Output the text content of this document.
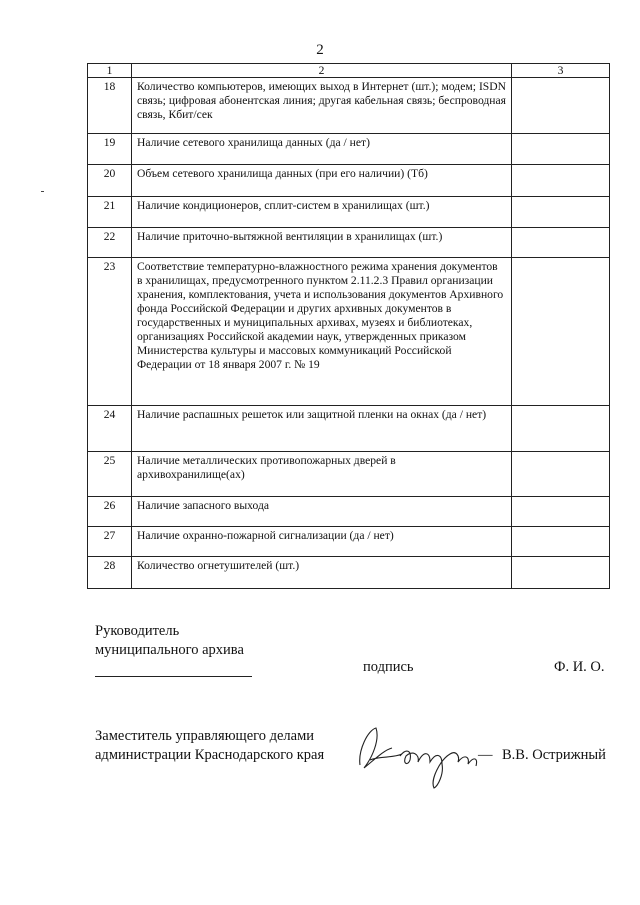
2
1	2	3
18	Количество компьютеров, имеющих выход в Интернет (шт.); модем; ISDN связь; цифровая абонентская линия; другая кабельная связь; беспроводная связь, Кбит/сек	
19	Наличие сетевого хранилища данных (да / нет)	
20	Объем сетевого хранилища данных (при его наличии) (Тб)	
21	Наличие кондиционеров, сплит-систем в хранилищах (шт.)	
22	Наличие приточно-вытяжной вентиляции в хранилищах (шт.)	
23	Соответствие температурно-влажностного режима хранения документов в хранилищах, предусмотренного пунктом 2.11.2.3 Правил организации хранения, комплектования, учета и использования документов Архивного фонда Российской Федерации и других архивных документов в государственных и муниципальных архивах, музеях и библиотеках, организациях Российской академии наук, утвержденных приказом Министерства культуры и массовых коммуникаций Российской Федерации от 18 января 2007 г. № 19	
24	Наличие распашных решеток или защитной пленки на окнах (да / нет)	
25	Наличие металлических противопожарных дверей в архивохранилище(ах)	
26	Наличие запасного выхода	
27	Наличие охранно-пожарной сигнализации (да / нет)	
28	Количество огнетушителей (шт.)	
Руководитель
муниципального архива
подпись	Ф. И. О.
Заместитель управляющего делами
администрации Краснодарского края	— В.В. Острижный
